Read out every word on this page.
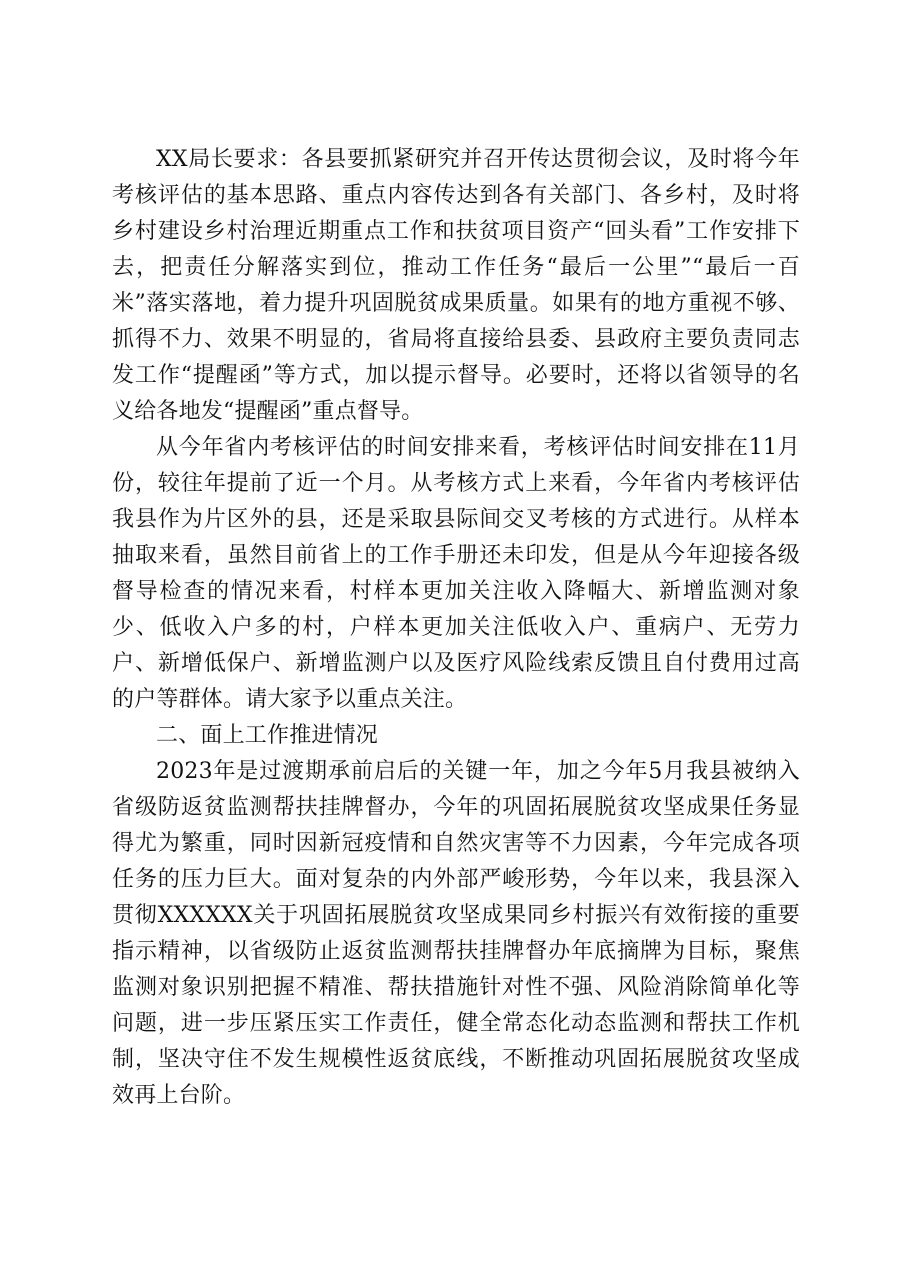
XX局长要求：各县要抓紧研究并召开传达贯彻会议，及时将今年考核评估的基本思路、重点内容传达到各有关部门、各乡村，及时将乡村建设乡村治理近期重点工作和扶贫项目资产“回头看”工作安排下去，把责任分解落实到位，推动工作任务“最后一公里”“最后一百米”落实落地，着力提升巩固脱贫成果质量。如果有的地方重视不够、抓得不力、效果不明显的，省局将直接给县委、县政府主要负责同志发工作“提醒函”等方式，加以提示督导。必要时，还将以省领导的名义给各地发“提醒函”重点督导。

从今年省内考核评估的时间安排来看，考核评估时间安排在11月份，较往年提前了近一个月。从考核方式上来看，今年省内考核评估我县作为片区外的县，还是采取县际间交叉考核的方式进行。从样本抽取来看，虽然目前省上的工作手册还未印发，但是从今年迎接各级督导检查的情况来看，村样本更加关注收入降幅大、新增监测对象少、低收入户多的村，户样本更加关注低收入户、重病户、无劳力户、新增低保户、新增监测户以及医疗风险线索反馈且自付费用过高的户等群体。请大家予以重点关注。

二、面上工作推进情况

2023年是过渡期承前启后的关键一年，加之今年5月我县被纳入省级防返贫监测帮扶挂牌督办，今年的巩固拓展脱贫攻坚成果任务显得尤为繁重，同时因新冠疫情和自然灾害等不力因素，今年完成各项任务的压力巨大。面对复杂的内外部严峻形势，今年以来，我县深入贯彻XXXXXX关于巩固拓展脱贫攻坚成果同乡村振兴有效衔接的重要指示精神，以省级防止返贫监测帮扶挂牌督办年底摘牌为目标，聚焦监测对象识别把握不精准、帮扶措施针对性不强、风险消除简单化等问题，进一步压紧压实工作责任，健全常态化动态监测和帮扶工作机制，坚决守住不发生规模性返贫底线，不断推动巩固拓展脱贫攻坚成效再上台阶。
